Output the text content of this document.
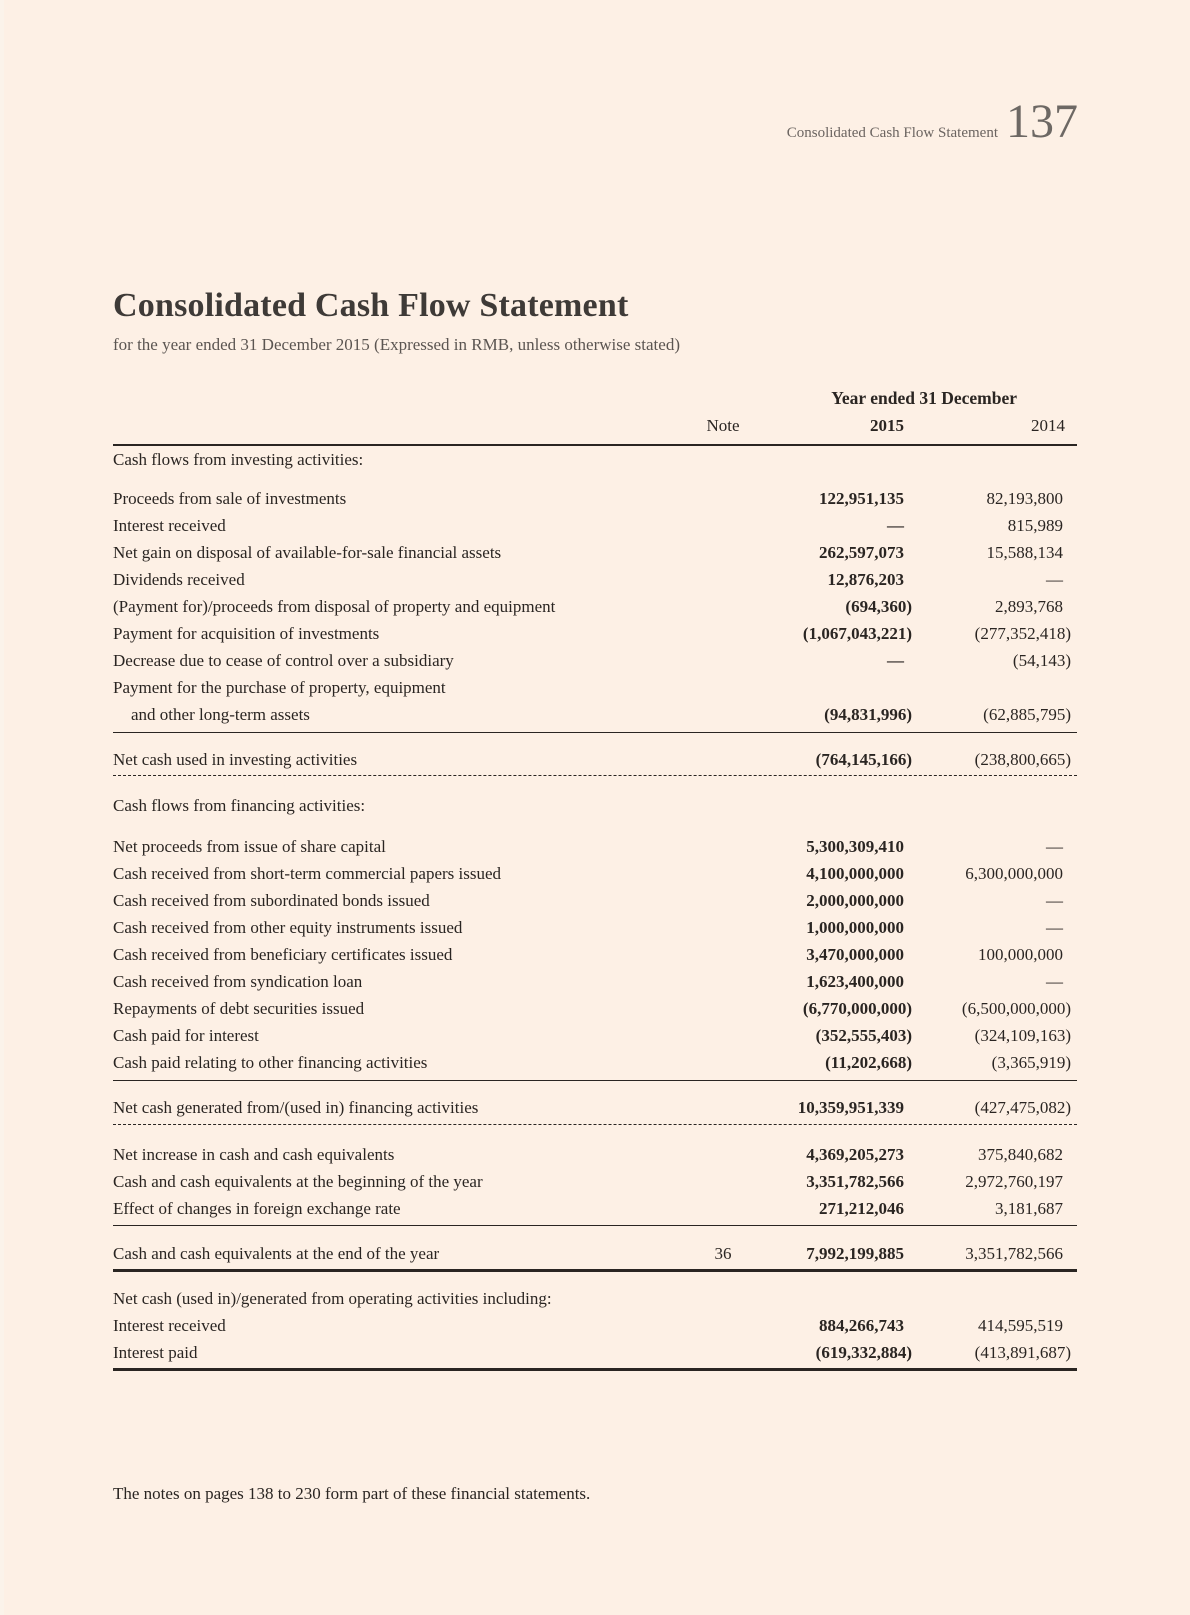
Consolidated Cash Flow Statement 137
Consolidated Cash Flow Statement
for the year ended 31 December 2015 (Expressed in RMB, unless otherwise stated)
Year ended 31 December
Note	2015	2014
Cash flows from investing activities:
Proceeds from sale of investments	122,951,135	82,193,800
Interest received	—	815,989
Net gain on disposal of available-for-sale financial assets	262,597,073	15,588,134
Dividends received	12,876,203	—
(Payment for)/proceeds from disposal of property and equipment	(694,360)	2,893,768
Payment for acquisition of investments	(1,067,043,221)	(277,352,418)
Decrease due to cease of control over a subsidiary	—	(54,143)
Payment for the purchase of property, equipment
and other long-term assets	(94,831,996)	(62,885,795)
Net cash used in investing activities	(764,145,166)	(238,800,665)
Cash flows from financing activities:
Net proceeds from issue of share capital	5,300,309,410	—
Cash received from short-term commercial papers issued	4,100,000,000	6,300,000,000
Cash received from subordinated bonds issued	2,000,000,000	—
Cash received from other equity instruments issued	1,000,000,000	—
Cash received from beneficiary certificates issued	3,470,000,000	100,000,000
Cash received from syndication loan	1,623,400,000	—
Repayments of debt securities issued	(6,770,000,000)	(6,500,000,000)
Cash paid for interest	(352,555,403)	(324,109,163)
Cash paid relating to other financing activities	(11,202,668)	(3,365,919)
Net cash generated from/(used in) financing activities	10,359,951,339	(427,475,082)
Net increase in cash and cash equivalents	4,369,205,273	375,840,682
Cash and cash equivalents at the beginning of the year	3,351,782,566	2,972,760,197
Effect of changes in foreign exchange rate	271,212,046	3,181,687
Cash and cash equivalents at the end of the year	36	7,992,199,885	3,351,782,566
Net cash (used in)/generated from operating activities including:
Interest received	884,266,743	414,595,519
Interest paid	(619,332,884)	(413,891,687)
The notes on pages 138 to 230 form part of these financial statements.
